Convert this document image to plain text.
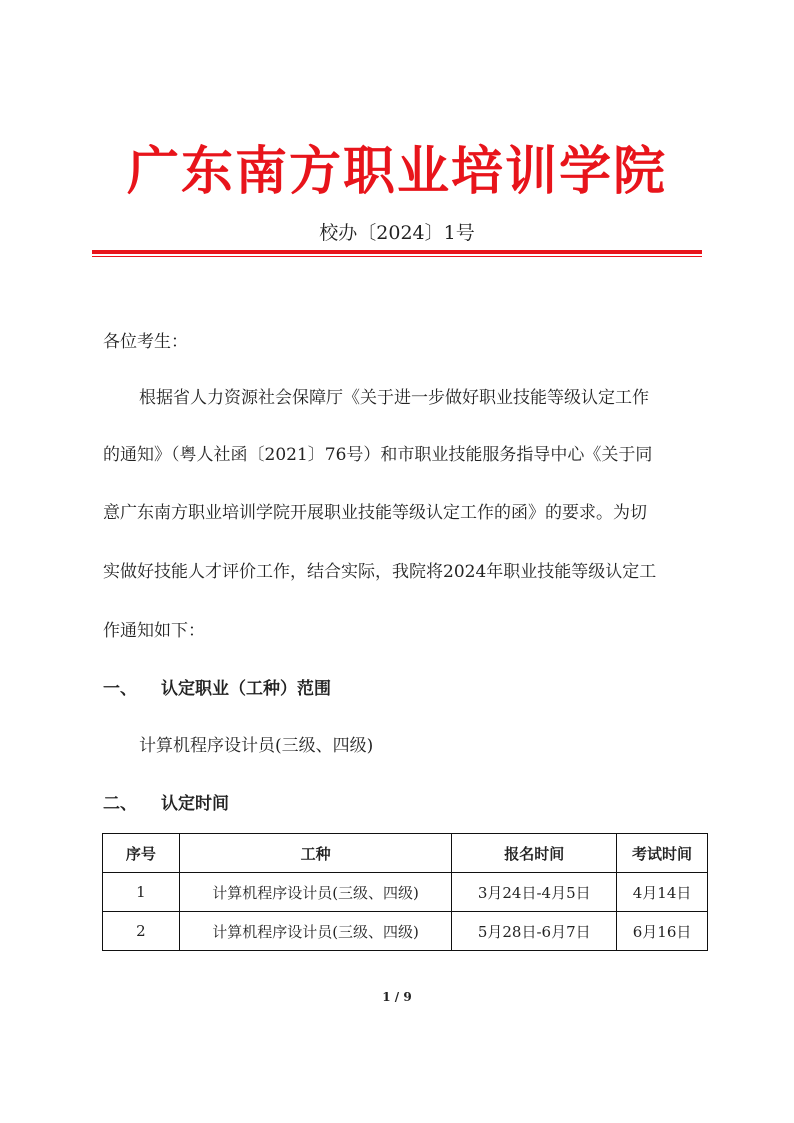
广东南方职业培训学院
校办〔2024〕1号
各位考生：
根据省人力资源社会保障厅《关于进一步做好职业技能等级认定工作
的通知》（粤人社函〔2021〕76号）和市职业技能服务指导中心《关于同
意广东南方职业培训学院开展职业技能等级认定工作的函》的要求。为切
实做好技能人才评价工作，结合实际，我院将2024年职业技能等级认定工
作通知如下：
一、 认定职业（工种）范围
计算机程序设计员(三级、四级)
二、 认定时间
序号	工种	报名时间	考试时间
1	计算机程序设计员(三级、四级)	3月24日-4月5日	4月14日
2	计算机程序设计员(三级、四级)	5月28日-6月7日	6月16日
1 / 9
